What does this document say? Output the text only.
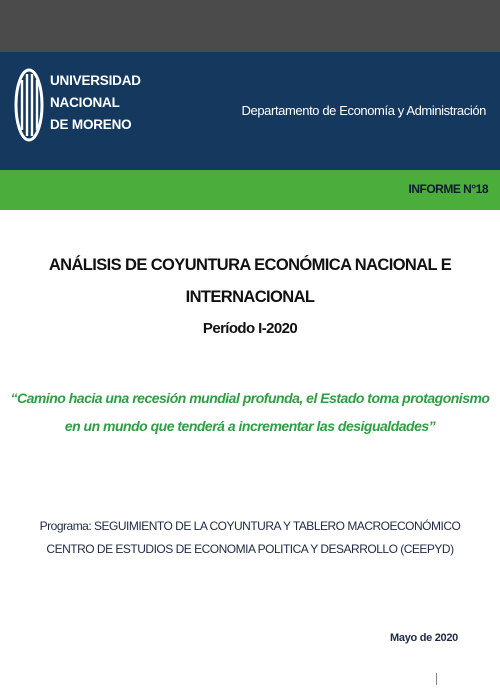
UNIVERSIDAD
NACIONAL
DE MORENO
Departamento de Economía y Administración
INFORME N°18
ANÁLISIS DE COYUNTURA ECONÓMICA NACIONAL E
INTERNACIONAL
Período I-2020
“Camino hacia una recesión mundial profunda, el Estado toma protagonismo
en un mundo que tenderá a incrementar las desigualdades”
Programa: SEGUIMIENTO DE LA COYUNTURA Y TABLERO MACROECONÓMICO
CENTRO DE ESTUDIOS DE ECONOMIA POLITICA Y DESARROLLO (CEEPYD)
Mayo de 2020
